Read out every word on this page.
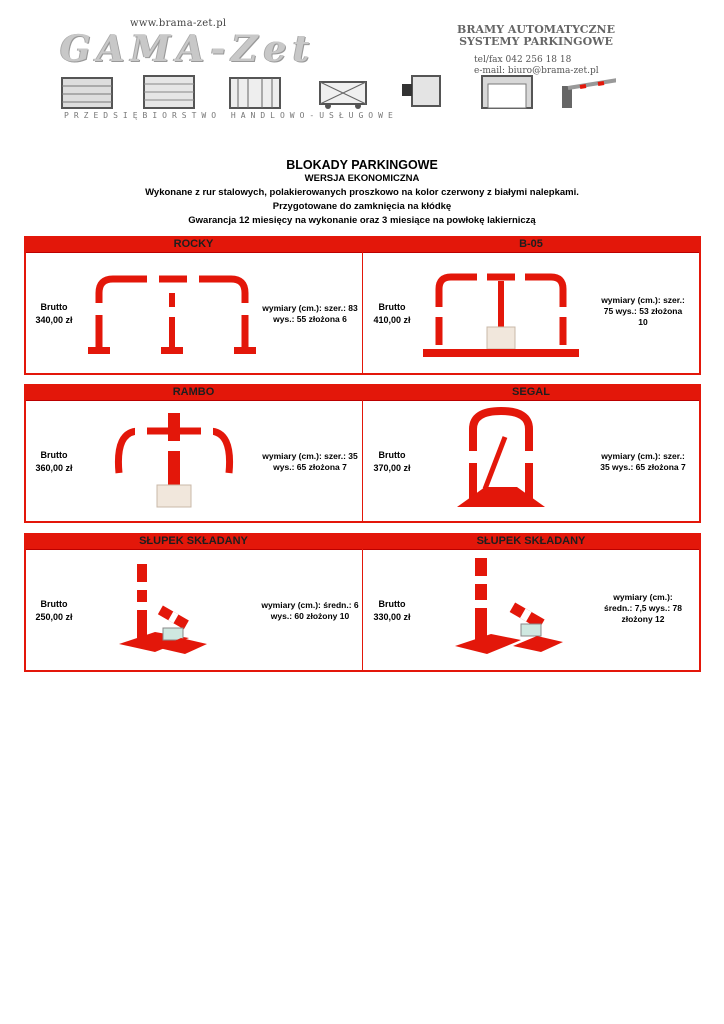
www.brama-zet.pl
GAMA-Zet	BRAMY AUTOMATYCZNE
SYSTEMY PARKINGOWE
tel/fax 042 256 18 18
e-mail: biuro@brama-zet.pl
PRZEDSIĘBIORSTWO HANDLOWO-USŁUGOWE
BLOKADY PARKINGOWE
WERSJA EKONOMICZNA
Wykonane z rur stalowych, polakierowanych proszkowo na kolor czerwony z białymi nalepkami.
Przygotowane do zamknięcia na kłódkę
Gwarancja 12 miesięcy na wykonanie oraz 3 miesiące na powłokę lakierniczą
ROCKY
Brutto
340,00 zł
wymiary (cm.): szer.: 83
wys.: 55 złożona 6
B-05
Brutto
410,00 zł
wymiary (cm.): szer.:
75 wys.: 53 złożona
10
RAMBO
Brutto
360,00 zł
wymiary (cm.): szer.: 35
wys.: 65 złożona 7
SEGAL
Brutto
370,00 zł
wymiary (cm.): szer.:
35 wys.: 65 złożona 7
SŁUPEK SKŁADANY
Brutto
250,00 zł
wymiary (cm.): średn.: 6
wys.: 60 złożony 10
SŁUPEK SKŁADANY
Brutto
330,00 zł
wymiary (cm.):
średn.: 7,5 wys.: 78
złożony 12
